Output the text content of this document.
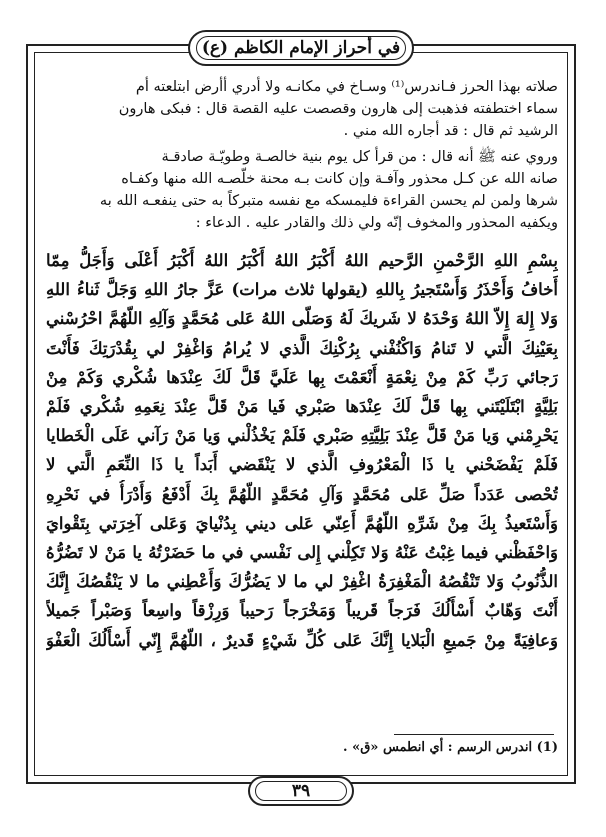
في أحراز الإمام الكاظم (ع)

صلاته بهذا الحرز فـاندرس⁽¹⁾ وسـاخ في مكانـه ولا أدري أأرض ابتلعته أم

سماء اختطفته فذهبت إلى هارون وقصصت عليه القصة قال : فبكى هارون

الرشيد ثم قال : قد أجاره الله مني .

وروي عنه ﷺ أنه قال : من قرأ كل يوم بنية خالصـة وطويّـة صادقـة

صانه الله عن كـل محذور وآفـة وإن كانت بـه محنة خلّصـه الله منها وكفـاه

شرها ولمن لم يحسن القراءة فليمسكه مع نفسه متبركاً به حتى ينفعـه الله به

ويكفيه المحذور والمخوف إنّه ولي ذلك والقادر عليه . الدعاء :

بِسْمِ اللهِ الرَّحْمنِ الرَّحيم اللهُ أَكْبَرُ اللهُ أَكْبَرُ اللهُ أَكْبَرُ أَعْلَى وَأَجَلُّ مِمّا
أَخافُ وَأَحْذَرُ وَأَسْتَجيرُ بِاللهِ (يقولها ثلاث مرات) عَزَّ جارُ اللهِ وَجَلَّ ثَناءُ اللهِ
وَلا إِلهَ إِلاّ اللهُ وَحْدَهُ لا شَريكَ لَهُ وَصَلّى اللهُ عَلى مُحَمَّدٍ وَآلِهِ اللّهُمَّ احْرُسْني
بِعَيْنِكَ الَّتي لا تَنامُ وَاكْنُفْني بِرُكْنِكَ الَّذي لا يُرامُ وَاغْفِرْ لي بِقُدْرَتِكَ فَأَنْتَ
رَجائي رَبِّ كَمْ مِنْ نِعْمَةٍ أَنْعَمْتَ بِها عَلَيَّ قَلَّ لَكَ عِنْدَها شُكْري وَكَمْ مِنْ
بَلِيَّةٍ ابْتَلَيْتَني بِها قَلَّ لَكَ عِنْدَها صَبْري فَيا مَنْ قَلَّ عِنْدَ نِعَمِهِ شُكْري فَلَمْ
يَحْرِمْني وَيا مَنْ قَلَّ عِنْدَ بَلِيَّتِهِ صَبْري فَلَمْ يَخْذُلْني وَيا مَنْ رَآني عَلَى الْخَطايا
فَلَمْ يَفْضَحْني يا ذَا الْمَعْرُوفِ الَّذي لا يَنْقَضي أَبَداً يا ذَا النِّعَمِ الَّتي لا
تُحْصى عَدَداً صَلِّ عَلى مُحَمَّدٍ وَآلِ مُحَمَّدٍ اللّهُمَّ بِكَ أَدْفَعُ وَأَدْرَأُ في نَحْرِهِ
وَأَسْتَعيذُ بِكَ مِنْ شَرِّهِ اللّهُمَّ أَعِنّي عَلى ديني بِدُنْيايَ وَعَلى آخِرَتي بِتَقْوايَ
وَاحْفَظْني فيما غِبْتُ عَنْهُ وَلا تَكِلْني إِلى نَفْسي في ما حَضَرْتُهُ يا مَنْ لا تَضُرُّهُ
الذُّنُوبُ وَلا تَنْقُصُهُ الْمَغْفِرَةُ اغْفِرْ لي ما لا يَضُرُّكَ وَأَعْطِني ما لا يَنْقُصُكَ إِنَّكَ
أَنْتَ وَهّابٌ أَسْأَلُكَ فَرَجاً قَريباً وَمَخْرَجاً رَحيباً وَرِزْقاً واسِعاً وَصَبْراً جَميلاً
وَعافِيَةً مِنْ جَميعِ الْبَلايا إِنَّكَ عَلى كُلِّ شَيْءٍ قَديرٌ ، اللّهُمَّ إِنّي أَسْأَلُكَ الْعَفْوَ
(1) اندرس الرسم : أي انطمس «ق» .
٣٩
